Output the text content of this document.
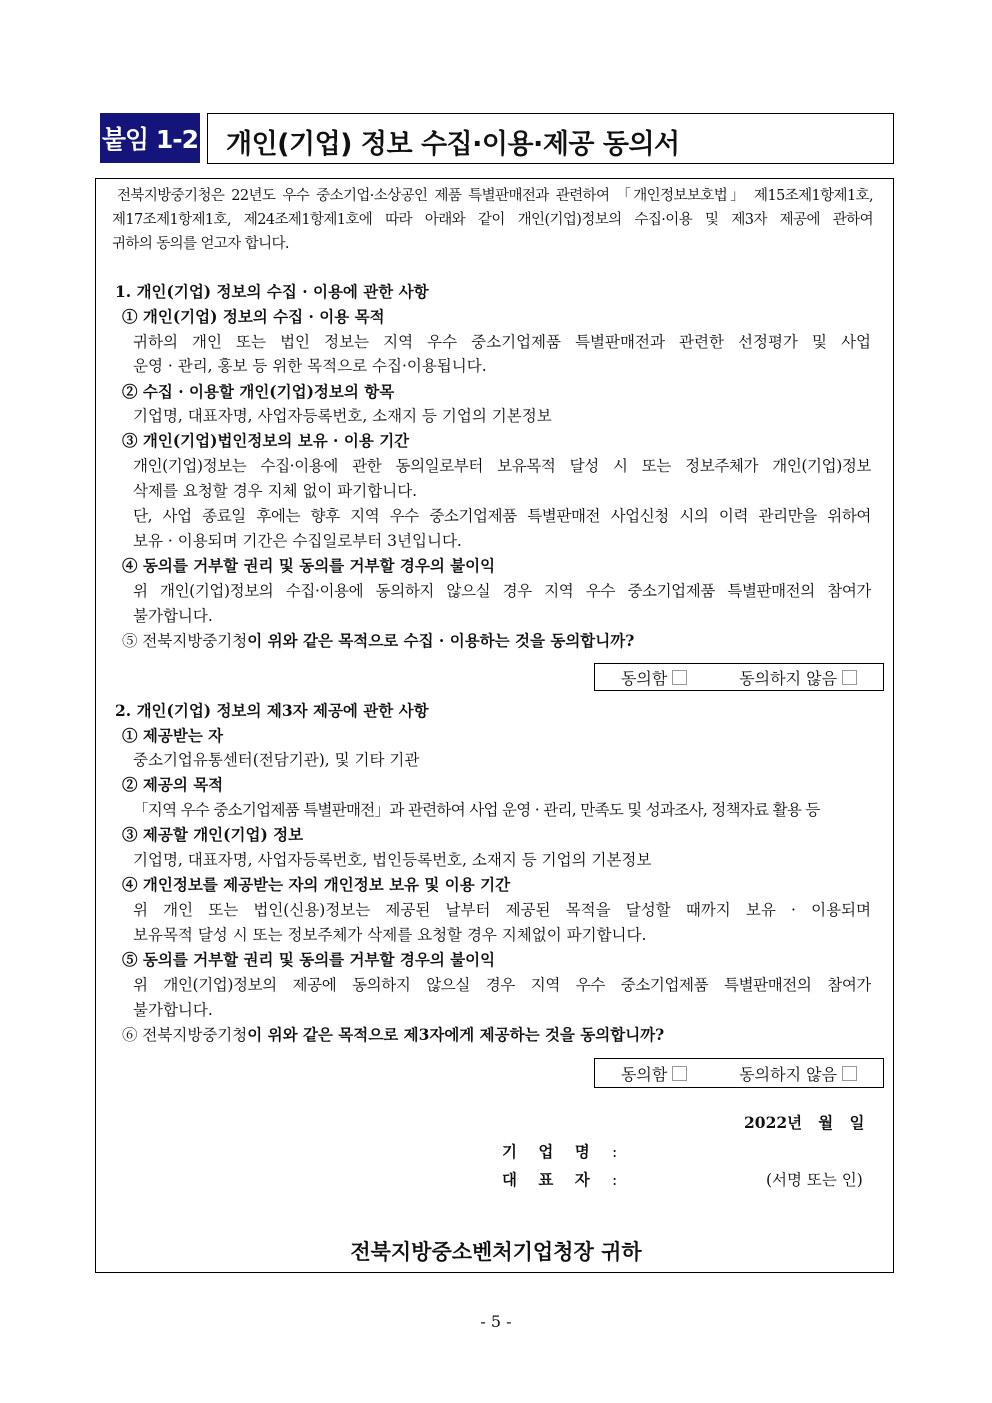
붙임 1-2 개인(기업) 정보 수집·이용·제공 동의서
전북지방중기청은 22년도 우수 중소기업·소상공인 제품 특별판매전과 관련하여 「개인정보보호법」 제15조제1항제1호,
제17조제1항제1호, 제24조제1항제1호에 따라 아래와 같이 개인(기업)정보의 수집·이용 및 제3자 제공에 관하여
귀하의 동의를 얻고자 합니다.
1. 개인(기업) 정보의 수집 · 이용에 관한 사항
① 개인(기업) 정보의 수집 · 이용 목적
귀하의 개인 또는 법인 정보는 지역 우수 중소기업제품 특별판매전과 관련한 선정평가 및 사업
운영 · 관리, 홍보 등 위한 목적으로 수집·이용됩니다.
② 수집 · 이용할 개인(기업)정보의 항목
기업명, 대표자명, 사업자등록번호, 소재지 등 기업의 기본정보
③ 개인(기업)법인정보의 보유 · 이용 기간
개인(기업)정보는 수집·이용에 관한 동의일로부터 보유목적 달성 시 또는 정보주체가 개인(기업)정보
삭제를 요청할 경우 지체 없이 파기합니다.
단, 사업 종료일 후에는 향후 지역 우수 중소기업제품 특별판매전 사업신청 시의 이력 관리만을 위하여
보유 · 이용되며 기간은 수집일로부터 3년입니다.
④ 동의를 거부할 권리 및 동의를 거부할 경우의 불이익
위 개인(기업)정보의 수집·이용에 동의하지 않으실 경우 지역 우수 중소기업제품 특별판매전의 참여가
불가합니다.
⑤ 전북지방중기청이 위와 같은 목적으로 수집 · 이용하는 것을 동의합니까?
동의함	동의하지 않음
2. 개인(기업) 정보의 제3자 제공에 관한 사항
① 제공받는 자
중소기업유통센터(전담기관), 및 기타 기관
② 제공의 목적
「지역 우수 중소기업제품 특별판매전」과 관련하여 사업 운영 · 관리, 만족도 및 성과조사, 정책자료 활용 등
③ 제공할 개인(기업) 정보
기업명, 대표자명, 사업자등록번호, 법인등록번호, 소재지 등 기업의 기본정보
④ 개인정보를 제공받는 자의 개인정보 보유 및 이용 기간
위 개인 또는 법인(신용)정보는 제공된 날부터 제공된 목적을 달성할 때까지 보유 · 이용되며
보유목적 달성 시 또는 정보주체가 삭제를 요청할 경우 지체없이 파기합니다.
⑤ 동의를 거부할 권리 및 동의를 거부할 경우의 불이익
위 개인(기업)정보의 제공에 동의하지 않으실 경우 지역 우수 중소기업제품 특별판매전의 참여가
불가합니다.
⑥ 전북지방중기청이 위와 같은 목적으로 제3자에게 제공하는 것을 동의합니까?
동의함	동의하지 않음
2022년   월   일
기 업 명 :
대 표 자 :	(서명 또는 인)
전북지방중소벤처기업청장 귀하
- 5 -
